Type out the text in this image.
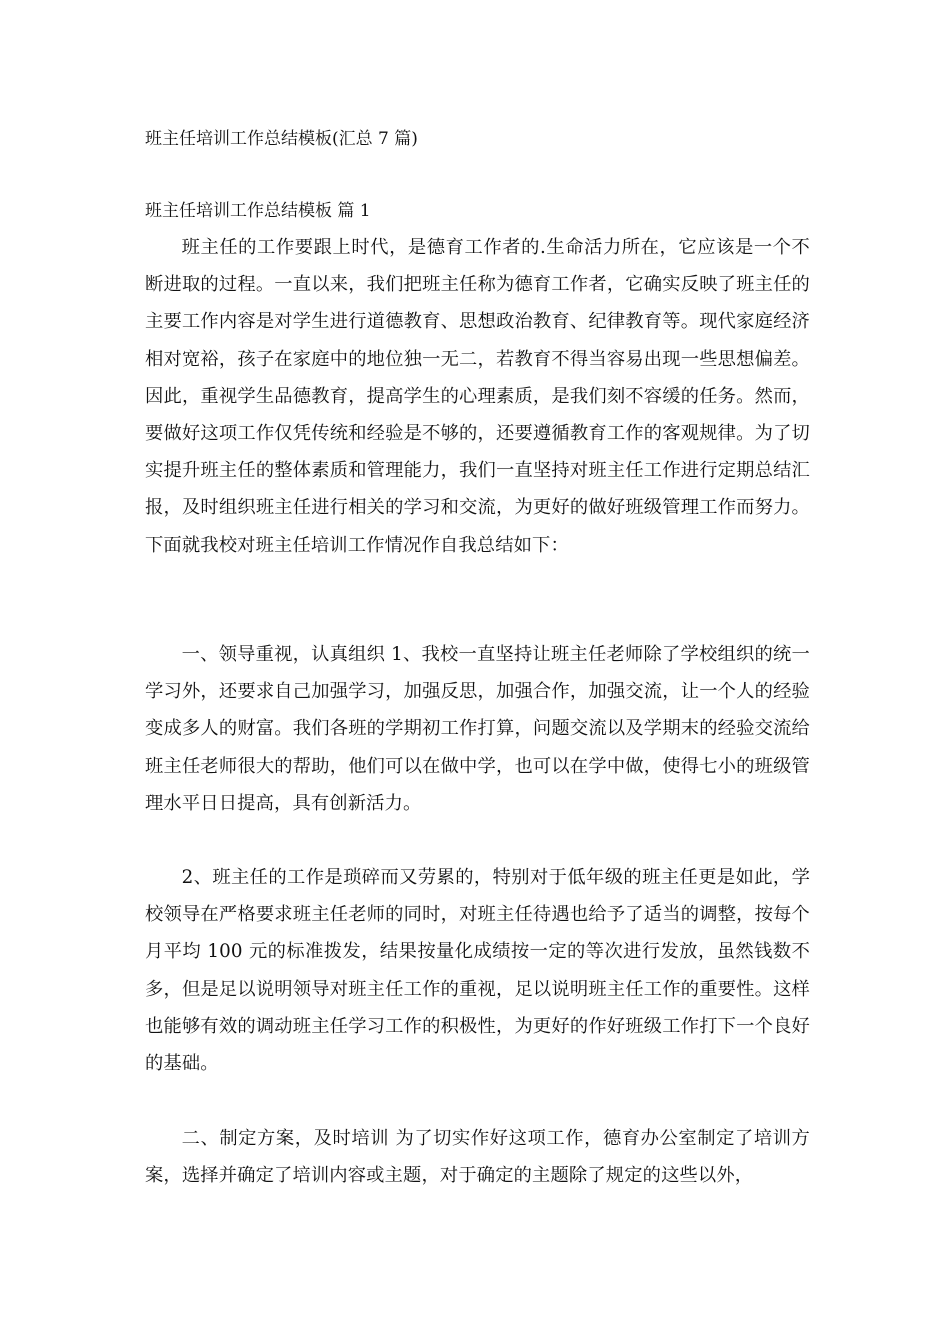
班主任培训工作总结模板(汇总 7 篇)
班主任培训工作总结模板 篇 1

班主任的工作要跟上时代，是德育工作者的.生命活力所在，它应该是一个不断进取的过程。一直以来，我们把班主任称为德育工作者，它确实反映了班主任的主要工作内容是对学生进行道德教育、思想政治教育、纪律教育等。现代家庭经济相对宽裕，孩子在家庭中的地位独一无二，若教育不得当容易出现一些思想偏差。因此，重视学生品德教育，提高学生的心理素质，是我们刻不容缓的任务。然而，要做好这项工作仅凭传统和经验是不够的，还要遵循教育工作的客观规律。为了切实提升班主任的整体素质和管理能力，我们一直坚持对班主任工作进行定期总结汇报，及时组织班主任进行相关的学习和交流，为更好的做好班级管理工作而努力。下面就我校对班主任培训工作情况作自我总结如下：

一、领导重视，认真组织 1、我校一直坚持让班主任老师除了学校组织的统一学习外，还要求自己加强学习，加强反思，加强合作，加强交流，让一个人的经验变成多人的财富。我们各班的学期初工作打算，问题交流以及学期末的经验交流给班主任老师很大的帮助，他们可以在做中学，也可以在学中做，使得七小的班级管理水平日日提高，具有创新活力。

2、班主任的工作是琐碎而又劳累的，特别对于低年级的班主任更是如此，学校领导在严格要求班主任老师的同时，对班主任待遇也给予了适当的调整，按每个月平均 100 元的标准拨发，结果按量化成绩按一定的等次进行发放，虽然钱数不多，但是足以说明领导对班主任工作的重视，足以说明班主任工作的重要性。这样也能够有效的调动班主任学习工作的积极性，为更好的作好班级工作打下一个良好的基础。

二、制定方案，及时培训 为了切实作好这项工作，德育办公室制定了培训方案，选择并确定了培训内容或主题，对于确定的主题除了规定的这些以外，
